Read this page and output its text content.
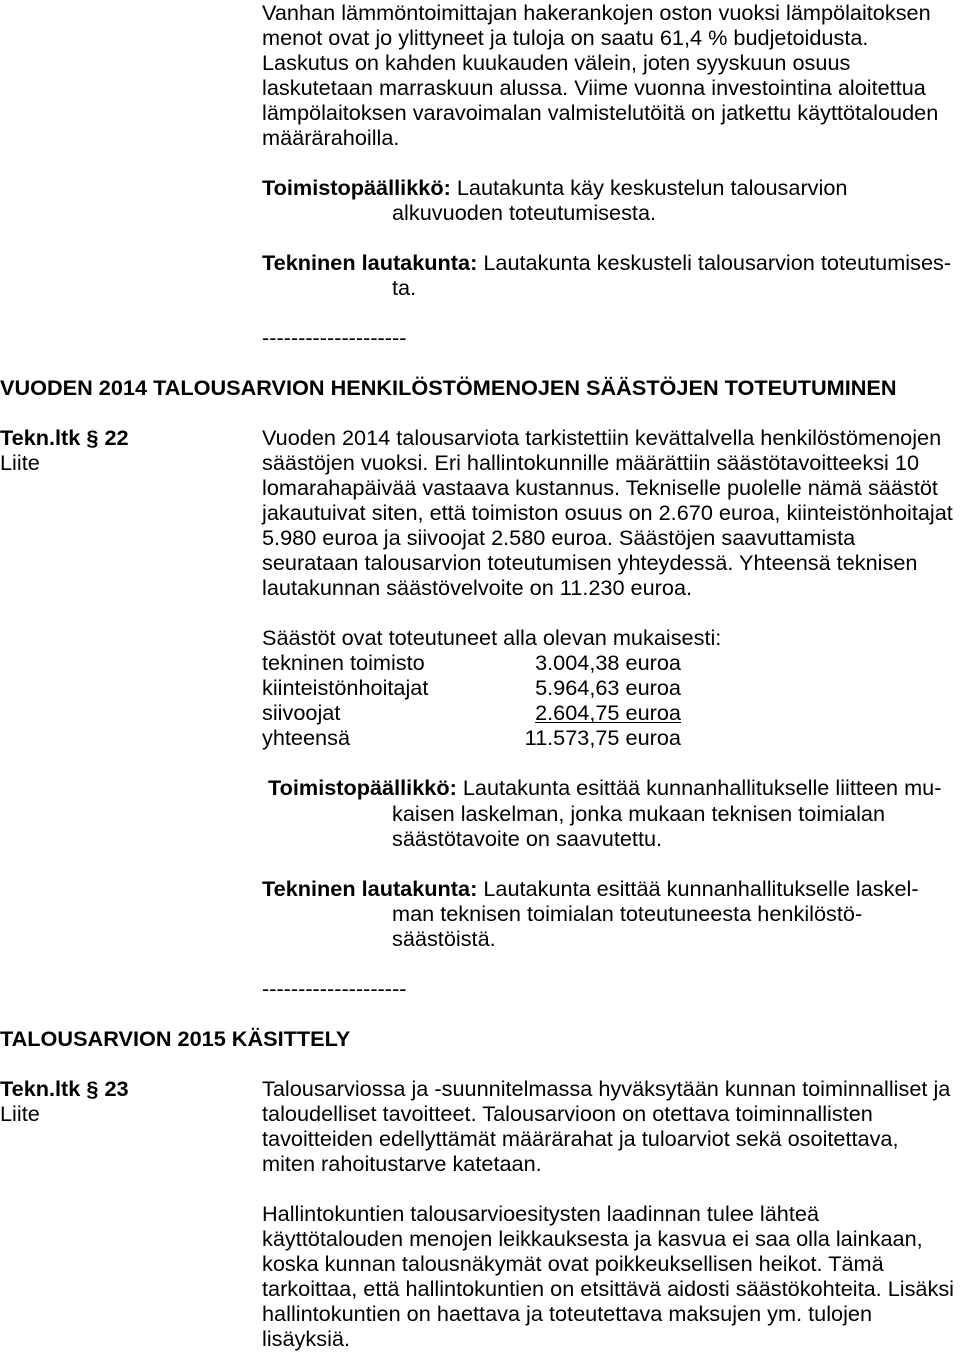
Vanhan lämmöntoimittajan hakerankojen oston vuoksi lämpölaitoksen
menot ovat jo ylittyneet ja tuloja on saatu 61,4 % budjetoidusta.
Laskutus on kahden kuukauden välein, joten syyskuun osuus
laskutetaan marraskuun alussa. Viime vuonna investointina aloitettua
lämpölaitoksen varavoimalan valmistelutöitä on jatkettu käyttötalouden
määrärahoilla.
Toimistopäällikkö: Lautakunta käy keskustelun talousarvion
alkuvuoden toteutumisesta.
Tekninen lautakunta: Lautakunta keskusteli talousarvion toteutumises-
ta.
--------------------
VUODEN 2014 TALOUSARVION HENKILÖSTÖMENOJEN SÄÄSTÖJEN TOTEUTUMINEN
Tekn.ltk § 22	Vuoden 2014 talousarviota tarkistettiin kevättalvella henkilöstömenojen
Liite	säästöjen vuoksi. Eri hallintokunnille määrättiin säästötavoitteeksi 10
lomarahapäivää vastaava kustannus. Tekniselle puolelle nämä säästöt
jakautuivat siten, että toimiston osuus on 2.670 euroa, kiinteistönhoitajat
5.980 euroa ja siivoojat 2.580 euroa. Säästöjen saavuttamista
seurataan talousarvion toteutumisen yhteydessä. Yhteensä teknisen
lautakunnan säästövelvoite on 11.230 euroa.
Säästöt ovat toteutuneet alla olevan mukaisesti:
tekninen toimisto	3.004,38 euroa
kiinteistönhoitajat	5.964,63 euroa
siivoojat	2.604,75 euroa
yhteensä	11.573,75 euroa
Toimistopäällikkö: Lautakunta esittää kunnanhallitukselle liitteen mu-
kaisen laskelman, jonka mukaan teknisen toimialan
säästötavoite on saavutettu.
Tekninen lautakunta: Lautakunta esittää kunnanhallitukselle laskel-
man teknisen toimialan toteutuneesta henkilöstö-
säästöistä.
--------------------
TALOUSARVION 2015 KÄSITTELY
Tekn.ltk § 23	Talousarviossa ja -suunnitelmassa hyväksytään kunnan toiminnalliset ja
Liite	taloudelliset tavoitteet. Talousarvioon on otettava toiminnallisten
tavoitteiden edellyttämät määrärahat ja tuloarviot sekä osoitettava,
miten rahoitustarve katetaan.
Hallintokuntien talousarvioesitysten laadinnan tulee lähteä
käyttötalouden menojen leikkauksesta ja kasvua ei saa olla lainkaan,
koska kunnan talousnäkymät ovat poikkeuksellisen heikot. Tämä
tarkoittaa, että hallintokuntien on etsittävä aidosti säästökohteita. Lisäksi
hallintokuntien on haettava ja toteutettava maksujen ym. tulojen
lisäyksiä.
